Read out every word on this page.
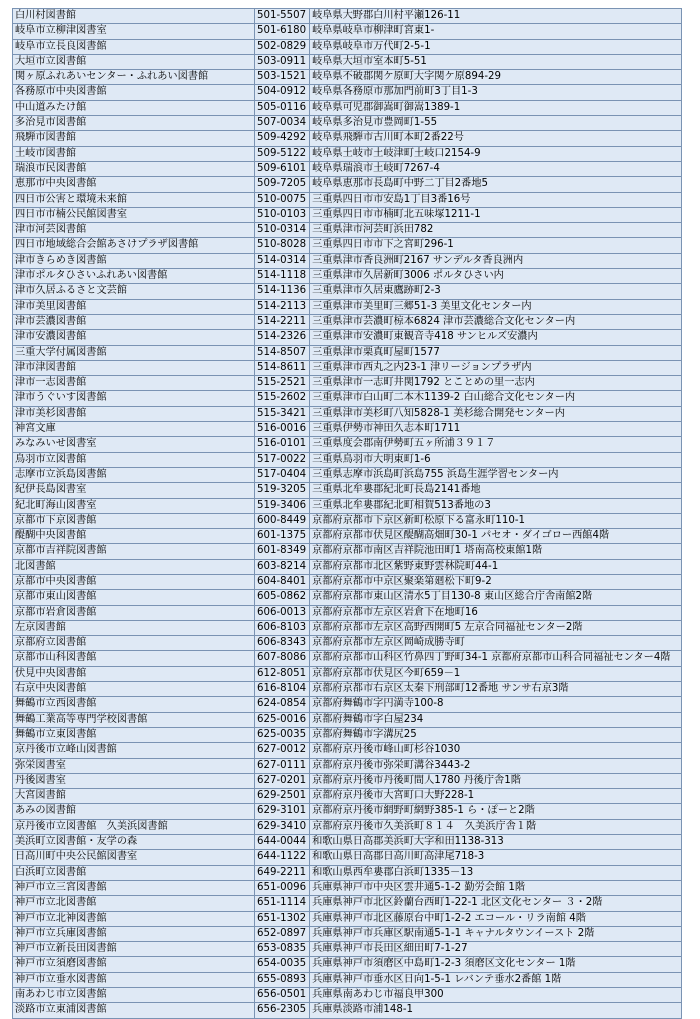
白川村図書館	501-5507	岐阜県大野郡白川村平瀬126-11
岐阜市立柳津図書室	501-6180	岐阜県岐阜市柳津町宮東1-
岐阜市立長良図書館	502-0829	岐阜県岐阜市万代町2-5-1
大垣市立図書館	503-0911	岐阜県大垣市室本町5-51
関ヶ原ふれあいセンター・ふれあい図書館	503-1521	岐阜県不破郡関ケ原町大字関ケ原894-29
各務原市中央図書館	504-0912	岐阜県各務原市那加門前町3丁目1-3
中山道みたけ館	505-0116	岐阜県可児郡御嵩町御嵩1389-1
多治見市図書館	507-0034	岐阜県多治見市豊岡町1-55
飛騨市図書館	509-4292	岐阜県飛騨市古川町本町2番22号
土岐市図書館	509-5122	岐阜県土岐市土岐津町土岐口2154-9
瑞浪市民図書館	509-6101	岐阜県瑞浪市土岐町7267-4
恵那市中央図書館	509-7205	岐阜県恵那市長島町中野二丁目2番地5
四日市公害と環境未来館	510-0075	三重県四日市市安島1丁目3番16号
四日市市楠公民館図書室	510-0103	三重県四日市市楠町北五味塚1211-1
津市河芸図書館	510-0314	三重県津市河芸町浜田782
四日市地域総合会館あさけプラザ図書館	510-8028	三重県四日市市下之宮町296-1
津市きらめき図書館	514-0314	三重県津市香良洲町2167 サンデルタ香良洲内
津市ポルタひさいふれあい図書館	514-1118	三重県津市久居新町3006 ポルタひさい内
津市久居ふるさと文芸館	514-1136	三重県津市久居東鷹跡町2-3
津市美里図書館	514-2113	三重県津市美里町三郷51-3 美里文化センター内
津市芸濃図書館	514-2211	三重県津市芸濃町椋本6824 津市芸濃総合文化センター内
津市安濃図書館	514-2326	三重県津市安濃町東観音寺418 サンヒルズ安濃内
三重大学付属図書館	514-8507	三重県津市栗真町屋町1577
津市津図書館	514-8611	三重県津市西丸之内23-1 津リージョンプラザ内
津市一志図書館	515-2521	三重県津市一志町井関1792 とことめの里一志内
津市うぐいす図書館	515-2602	三重県津市白山町二本木1139-2 白山総合文化センター内
津市美杉図書館	515-3421	三重県津市美杉町八知5828-1 美杉総合開発センター内
神宮文庫	516-0016	三重県伊勢市神田久志本町1711
みなみいせ図書室	516-0101	三重県度会郡南伊勢町五ヶ所浦３９１７
鳥羽市立図書館	517-0022	三重県鳥羽市大明東町1-6
志摩市立浜島図書館	517-0404	三重県志摩市浜島町浜島755 浜島生涯学習センター内
紀伊長島図書室	519-3205	三重県北牟婁郡紀北町長島2141番地
紀北町海山図書室	519-3406	三重県北牟婁郡紀北町相賀513番地の3
京都市下京図書館	600-8449	京都府京都市下京区新町松原下る富永町110-1
醍醐中央図書館	601-1375	京都府京都市伏見区醍醐高畑町30-1 パセオ・ダイゴロー西館4階
京都市吉祥院図書館	601-8349	京都府京都市南区吉祥院池田町1 塔南高校東館1階
北図書館	603-8214	京都府京都市北区紫野東野雲林院町44-1
京都市中央図書館	604-8401	京都府京都市中京区聚楽第廻松下町9-2
京都市東山図書館	605-0862	京都府京都市東山区清水5丁目130-8 東山区総合庁舎南館2階
京都市岩倉図書館	606-0013	京都府京都市左京区岩倉下在地町16
左京図書館	606-8103	京都府京都市左京区高野西開町5 左京合同福祉センター2階
京都府立図書館	606-8343	京都府京都市左京区岡崎成勝寺町
京都市山科図書館	607-8086	京都府京都市山科区竹鼻四丁野町34-1 京都府京都市山科合同福祉センター4階
伏見中央図書館	612-8051	京都府京都市伏見区今町659－1
右京中央図書館	616-8104	京都府京都市右京区太秦下刑部町12番地 サンサ右京3階
舞鶴市立西図書館	624-0854	京都府舞鶴市字円満寺100-8
舞鶴工業高等専門学校図書館	625-0016	京都府舞鶴市字白屋234
舞鶴市立東図書館	625-0035	京都府舞鶴市字溝尻25
京丹後市立峰山図書館	627-0012	京都府京丹後市峰山町杉谷1030
弥栄図書室	627-0111	京都府京丹後市弥栄町溝谷3443-2
丹後図書室	627-0201	京都府京丹後市丹後町間人1780 丹後庁舎1階
大宮図書館	629-2501	京都府京丹後市大宮町口大野228-1
あみの図書館	629-3101	京都府京丹後市網野町網野385-1 ら・ぽーと2階
京丹後市立図書館　久美浜図書館	629-3410	京都府京丹後市久美浜町８１４　久美浜庁舎１階
美浜町立図書館・友学の森	644-0044	和歌山県日高郡美浜町大字和田1138-313
日高川町中央公民館図書室	644-1122	和歌山県日高郡日高川町高津尾718-3
白浜町立図書館	649-2211	和歌山県西牟婁郡白浜町1335－13
神戸市立三宮図書館	651-0096	兵庫県神戸市中央区雲井通5-1-2 勤労会館 1階
神戸市立北図書館	651-1114	兵庫県神戸市北区鈴蘭台西町1-22-1 北区文化センター ３・2階
神戸市立北神図書館	651-1302	兵庫県神戸市北区藤原台中町1-2-2 エコール・リラ南館 4階
神戸市立兵庫図書館	652-0897	兵庫県神戸市兵庫区駅南通5-1-1 キャナルタウンイースト 2階
神戸市立新長田図書館	653-0835	兵庫県神戸市長田区細田町7-1-27
神戸市立須磨図書館	654-0035	兵庫県神戸市須磨区中島町1-2-3 須磨区文化センター 1階
神戸市立垂水図書館	655-0893	兵庫県神戸市垂水区日向1-5-1 レバンテ垂水2番館 1階
南あわじ市立図書館	656-0501	兵庫県南あわじ市福良甲300
淡路市立東浦図書館	656-2305	兵庫県淡路市浦148-1
